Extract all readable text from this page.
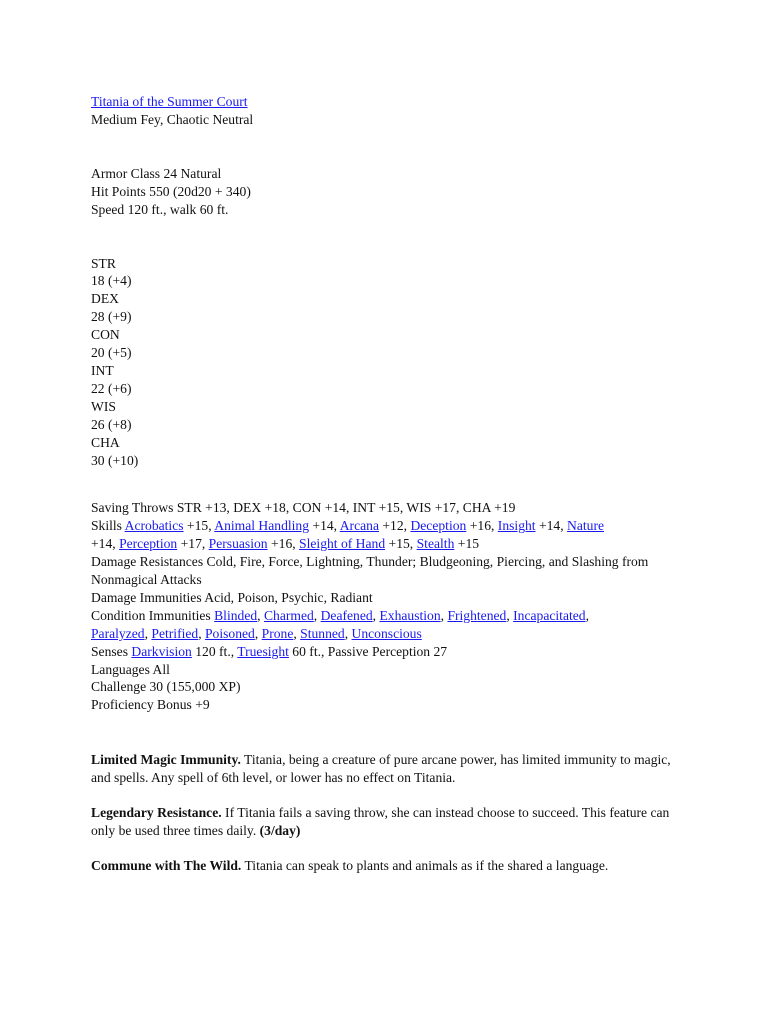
Titania of the Summer Court
Medium Fey, Chaotic Neutral
Armor Class 24 Natural
Hit Points 550 (20d20 + 340)
Speed 120 ft., walk 60 ft.
STR
18 (+4)
DEX
28 (+9)
CON
20 (+5)
INT
22 (+6)
WIS
26 (+8)
CHA
30 (+10)
Saving Throws STR +13, DEX +18, CON +14, INT +15, WIS +17, CHA +19
Skills Acrobatics +15, Animal Handling +14, Arcana +12, Deception +16, Insight +14, Nature
+14, Perception +17, Persuasion +16, Sleight of Hand +15, Stealth +15
Damage Resistances Cold, Fire, Force, Lightning, Thunder; Bludgeoning, Piercing, and Slashing from Nonmagical Attacks
Damage Immunities Acid, Poison, Psychic, Radiant
Condition Immunities Blinded, Charmed, Deafened, Exhaustion, Frightened, Incapacitated,
Paralyzed, Petrified, Poisoned, Prone, Stunned, Unconscious
Senses Darkvision 120 ft., Truesight 60 ft., Passive Perception 27
Languages All
Challenge 30 (155,000 XP)
Proficiency Bonus +9
Limited Magic Immunity. Titania, being a creature of pure arcane power, has limited immunity to magic, and spells. Any spell of 6th level, or lower has no effect on Titania.
Legendary Resistance. If Titania fails a saving throw, she can instead choose to succeed. This feature can only be used three times daily. (3/day)
Commune with The Wild. Titania can speak to plants and animals as if the shared a language.
